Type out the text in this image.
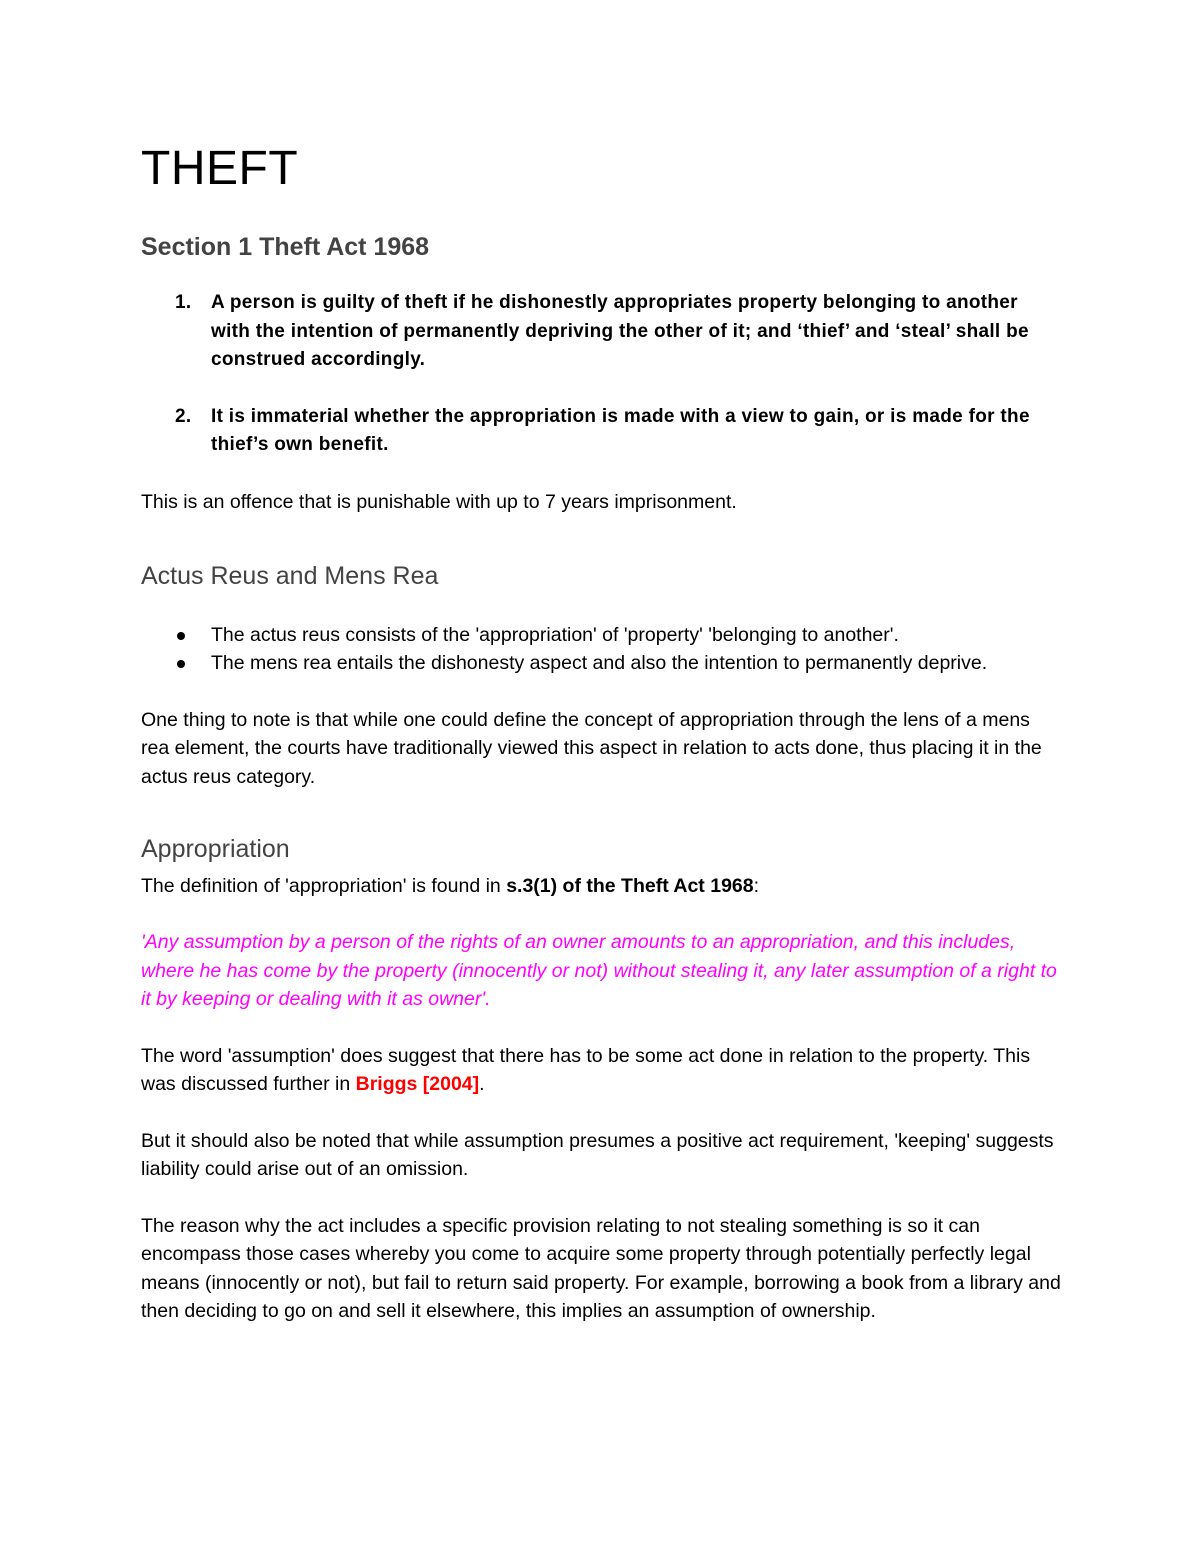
THEFT
Section 1 Theft Act 1968
A person is guilty of theft if he dishonestly appropriates property belonging to another with the intention of permanently depriving the other of it; and ‘thief’ and ‘steal’ shall be construed accordingly.
It is immaterial whether the appropriation is made with a view to gain, or is made for the thief’s own benefit.

This is an offence that is punishable with up to 7 years imprisonment.

Actus Reus and Mens Rea
The actus reus consists of the 'appropriation' of 'property' 'belonging to another'.
The mens rea entails the dishonesty aspect and also the intention to permanently deprive.

One thing to note is that while one could define the concept of appropriation through the lens of a mens rea element, the courts have traditionally viewed this aspect in relation to acts done, thus placing it in the actus reus category.

Appropriation

The definition of 'appropriation' is found in s.3(1) of the Theft Act 1968:

'Any assumption by a person of the rights of an owner amounts to an appropriation, and this includes, where he has come by the property (innocently or not) without stealing it, any later assumption of a right to it by keeping or dealing with it as owner'.

The word 'assumption' does suggest that there has to be some act done in relation to the property. This was discussed further in Briggs [2004].

But it should also be noted that while assumption presumes a positive act requirement, 'keeping' suggests liability could arise out of an omission.

The reason why the act includes a specific provision relating to not stealing something is so it can encompass those cases whereby you come to acquire some property through potentially perfectly legal means (innocently or not), but fail to return said property. For example, borrowing a book from a library and then deciding to go on and sell it elsewhere, this implies an assumption of ownership.
